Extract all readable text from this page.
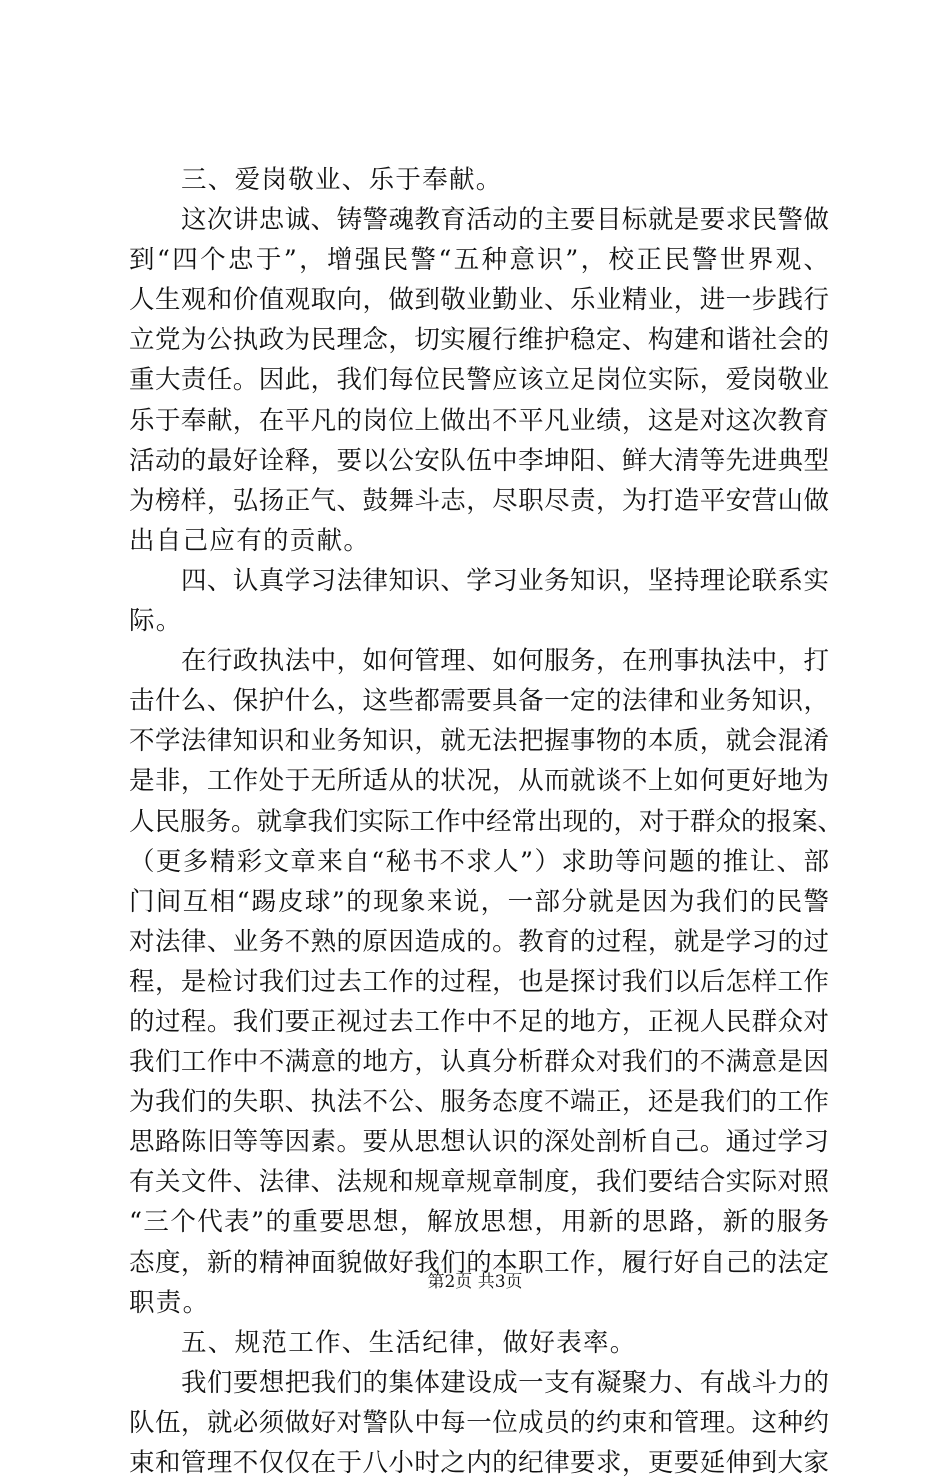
三、爱岗敬业、乐于奉献。
这次讲忠诚、铸警魂教育活动的主要目标就是要求民警做
到“四个忠于”，增强民警“五种意识”，校正民警世界观、
人生观和价值观取向，做到敬业勤业、乐业精业，进一步践行
立党为公执政为民理念，切实履行维护稳定、构建和谐社会的
重大责任。因此，我们每位民警应该立足岗位实际，爱岗敬业
乐于奉献，在平凡的岗位上做出不平凡业绩，这是对这次教育
活动的最好诠释，要以公安队伍中李坤阳、鲜大清等先进典型
为榜样，弘扬正气、鼓舞斗志，尽职尽责，为打造平安营山做
出自己应有的贡献。
四、认真学习法律知识、学习业务知识，坚持理论联系实
际。
在行政执法中，如何管理、如何服务，在刑事执法中，打
击什么、保护什么，这些都需要具备一定的法律和业务知识，
不学法律知识和业务知识，就无法把握事物的本质，就会混淆
是非，工作处于无所适从的状况，从而就谈不上如何更好地为
人民服务。就拿我们实际工作中经常出现的，对于群众的报案、
（更多精彩文章来自“秘书不求人”）求助等问题的推让、部
门间互相“踢皮球”的现象来说，一部分就是因为我们的民警
对法律、业务不熟的原因造成的。教育的过程，就是学习的过
程，是检讨我们过去工作的过程，也是探讨我们以后怎样工作
的过程。我们要正视过去工作中不足的地方，正视人民群众对
我们工作中不满意的地方，认真分析群众对我们的不满意是因
为我们的失职、执法不公、服务态度不端正，还是我们的工作
思路陈旧等等因素。要从思想认识的深处剖析自己。通过学习
有关文件、法律、法规和规章规章制度，我们要结合实际对照
“三个代表”的重要思想，解放思想，用新的思路，新的服务
态度，新的精神面貌做好我们的本职工作，履行好自己的法定
职责。
五、规范工作、生活纪律，做好表率。
我们要想把我们的集体建设成一支有凝聚力、有战斗力的
队伍，就必须做好对警队中每一位成员的约束和管理。这种约
束和管理不仅仅在于八小时之内的纪律要求，更要延伸到大家
第2页 共3页
